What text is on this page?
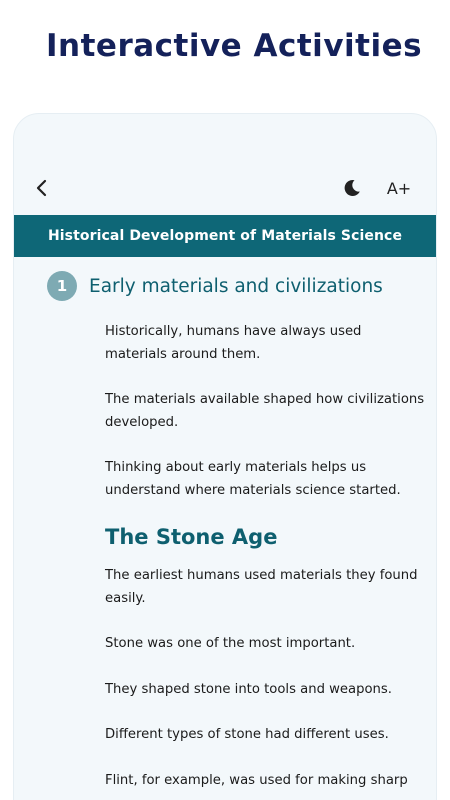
Interactive Activities
A+
Historical Development of Materials Science
1	Early materials and civilizations

Historically, humans have always used materials around them.

The materials available shaped how civilizations developed.

Thinking about early materials helps us understand where materials science started.

The Stone Age

The earliest humans used materials they found easily.

Stone was one of the most important.

They shaped stone into tools and weapons.

Different types of stone had different uses.

Flint, for example, was used for making sharp
